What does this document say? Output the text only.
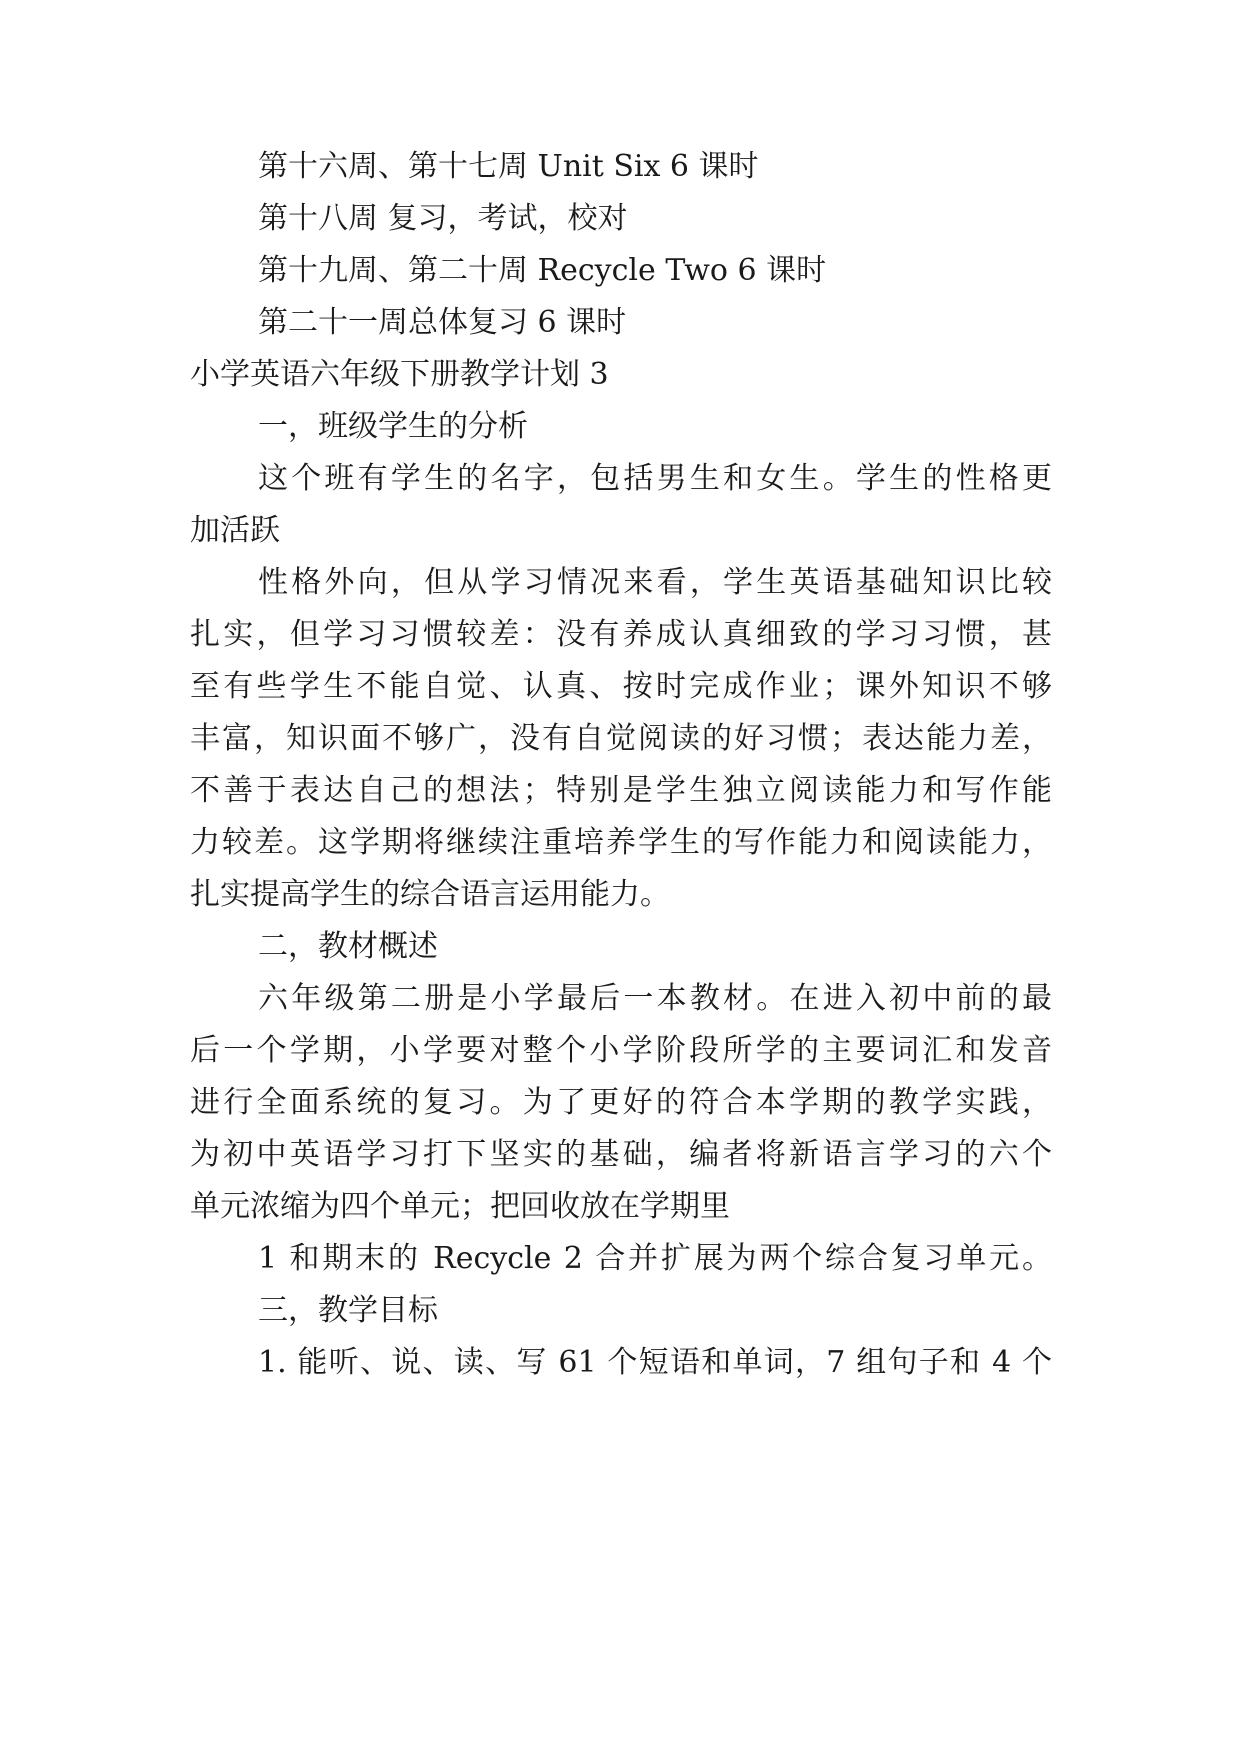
第十六周、第十七周 Unit Six 6 课时
第十八周 复习，考试，校对
第十九周、第二十周 Recycle Two 6 课时
第二十一周总体复习 6 课时
小学英语六年级下册教学计划 3
一，班级学生的分析
这个班有学生的名字，包括男生和女生。学生的性格更
加活跃
性格外向，但从学习情况来看，学生英语基础知识比较
扎实，但学习习惯较差：没有养成认真细致的学习习惯，甚
至有些学生不能自觉、认真、按时完成作业；课外知识不够
丰富，知识面不够广，没有自觉阅读的好习惯；表达能力差，
不善于表达自己的想法；特别是学生独立阅读能力和写作能
力较差。这学期将继续注重培养学生的写作能力和阅读能力，
扎实提高学生的综合语言运用能力。
二，教材概述
六年级第二册是小学最后一本教材。在进入初中前的最
后一个学期，小学要对整个小学阶段所学的主要词汇和发音
进行全面系统的复习。为了更好的符合本学期的教学实践，
为初中英语学习打下坚实的基础，编者将新语言学习的六个
单元浓缩为四个单元；把回收放在学期里
1 和期末的 Recycle 2 合并扩展为两个综合复习单元。
三，教学目标
1. 能听、说、读、写 61 个短语和单词，7 组句子和 4 个
